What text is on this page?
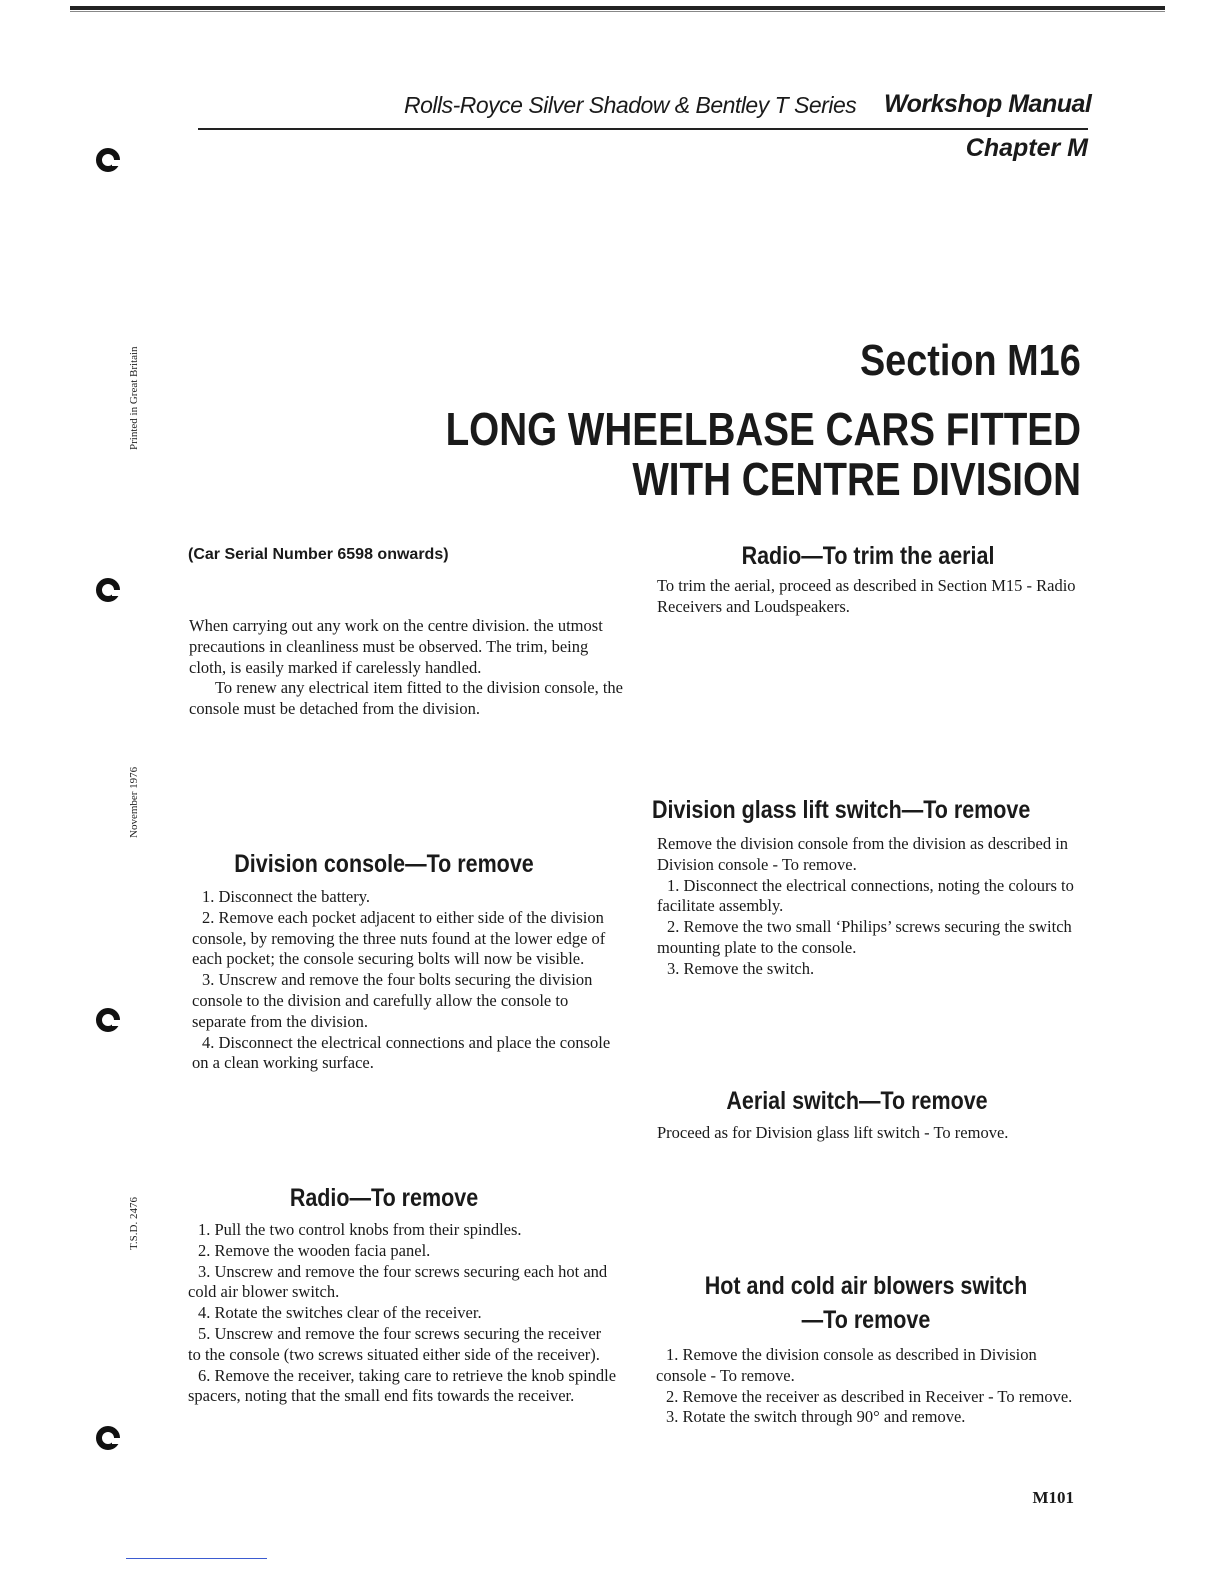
Rolls-Royce Silver Shadow & Bentley T Series Workshop Manual
Chapter M
Printed in Great Britain
November 1976
T.S.D. 2476
Section M16
LONG WHEELBASE CARS FITTED
WITH CENTRE DIVISION
(Car Serial Number 6598 onwards)

When carrying out any work on the centre division. the utmost precautions in cleanliness must be observed. The trim, being cloth, is easily marked if carelessly handled.

To renew any electrical item fitted to the division console, the console must be detached from the division.

Division console—To remove

1. Disconnect the battery.

2. Remove each pocket adjacent to either side of the division console, by removing the three nuts found at the lower edge of each pocket; the console securing bolts will now be visible.

3. Unscrew and remove the four bolts securing the division console to the division and carefully allow the console to separate from the division.

4. Disconnect the electrical connections and place the console on a clean working surface.

Radio—To remove

1. Pull the two control knobs from their spindles.

2. Remove the wooden facia panel.

3. Unscrew and remove the four screws securing each hot and cold air blower switch.

4. Rotate the switches clear of the receiver.

5. Unscrew and remove the four screws securing the receiver to the console (two screws situated either side of the receiver).

6. Remove the receiver, taking care to retrieve the knob spindle spacers, noting that the small end fits towards the receiver.

Radio—To trim the aerial
To trim the aerial, proceed as described in Section M15 - Radio Receivers and Loudspeakers.
Division glass lift switch—To remove

Remove the division console from the division as described in Division console - To remove.

1. Disconnect the electrical connections, noting the colours to facilitate assembly.

2. Remove the two small ‘Philips’ screws securing the switch mounting plate to the console.

3. Remove the switch.

Aerial switch—To remove
Proceed as for Division glass lift switch - To remove.
Hot and cold air blowers switch
—To remove

1. Remove the division console as described in Division console - To remove.

2. Remove the receiver as described in Receiver - To remove.

3. Rotate the switch through 90° and remove.

M101
